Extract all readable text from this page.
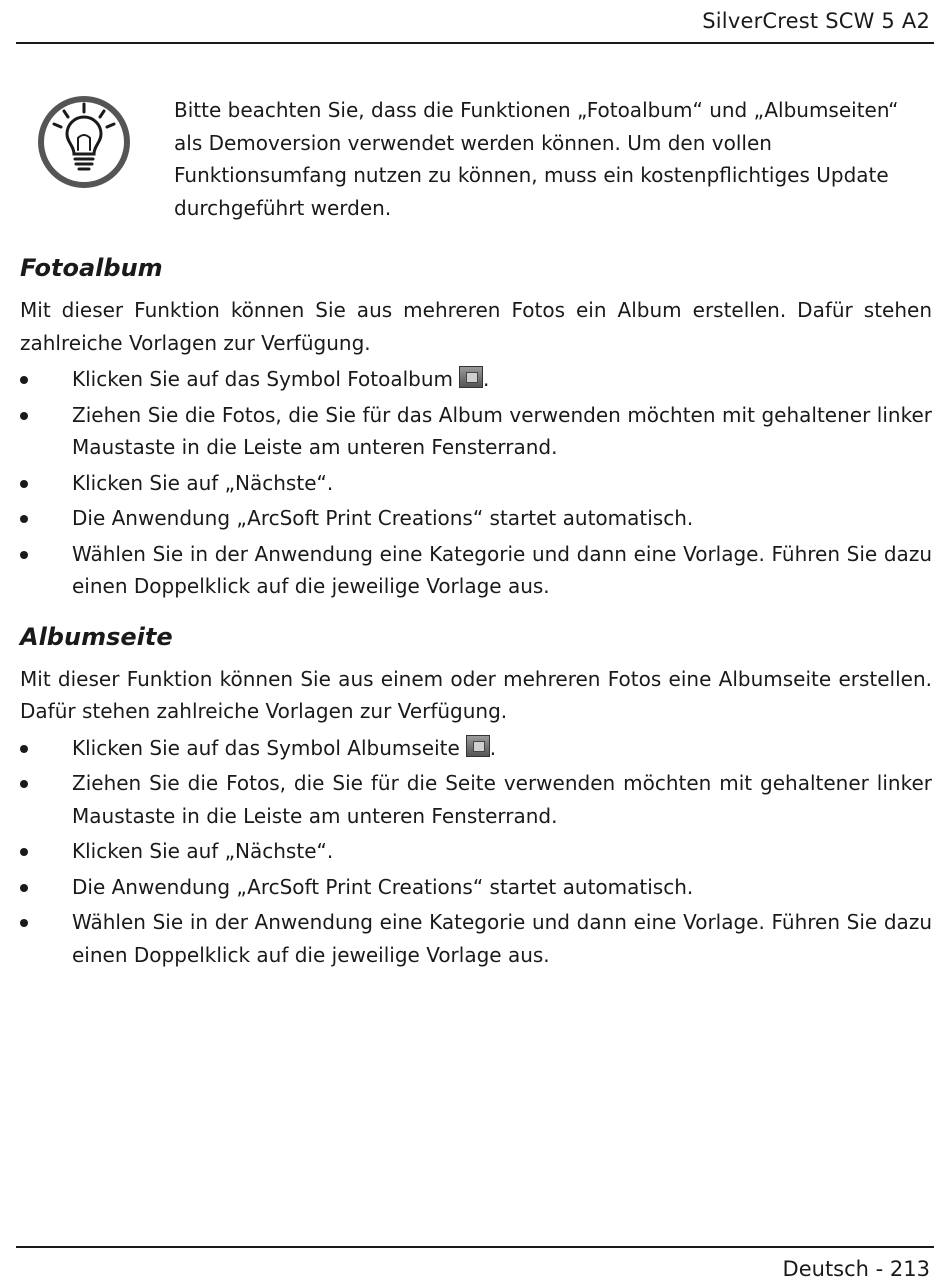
SilverCrest SCW 5 A2
Bitte beachten Sie, dass die Funktionen „Fotoalbum“ und „Albumseiten“ als Demoversion verwendet werden können. Um den vollen Funktionsumfang nutzen zu können, muss ein kostenpflichtiges Update durchgeführt werden.
Fotoalbum

Mit dieser Funktion können Sie aus mehreren Fotos ein Album erstellen. Dafür stehen zahlreiche Vorlagen zur Verfügung.

Klicken Sie auf das Symbol Fotoalbum .
Ziehen Sie die Fotos, die Sie für das Album verwenden möchten mit gehaltener linker Maustaste in die Leiste am unteren Fensterrand.
Klicken Sie auf „Nächste“.
Die Anwendung „ArcSoft Print Creations“ startet automatisch.
Wählen Sie in der Anwendung eine Kategorie und dann eine Vorlage. Führen Sie dazu einen Doppelklick auf die jeweilige Vorlage aus.
Albumseite

Mit dieser Funktion können Sie aus einem oder mehreren Fotos eine Albumseite erstellen. Dafür stehen zahlreiche Vorlagen zur Verfügung.

Klicken Sie auf das Symbol Albumseite .
Ziehen Sie die Fotos, die Sie für die Seite verwenden möchten mit gehaltener linker Maustaste in die Leiste am unteren Fensterrand.
Klicken Sie auf „Nächste“.
Die Anwendung „ArcSoft Print Creations“ startet automatisch.
Wählen Sie in der Anwendung eine Kategorie und dann eine Vorlage. Führen Sie dazu einen Doppelklick auf die jeweilige Vorlage aus.
Deutsch - 213
